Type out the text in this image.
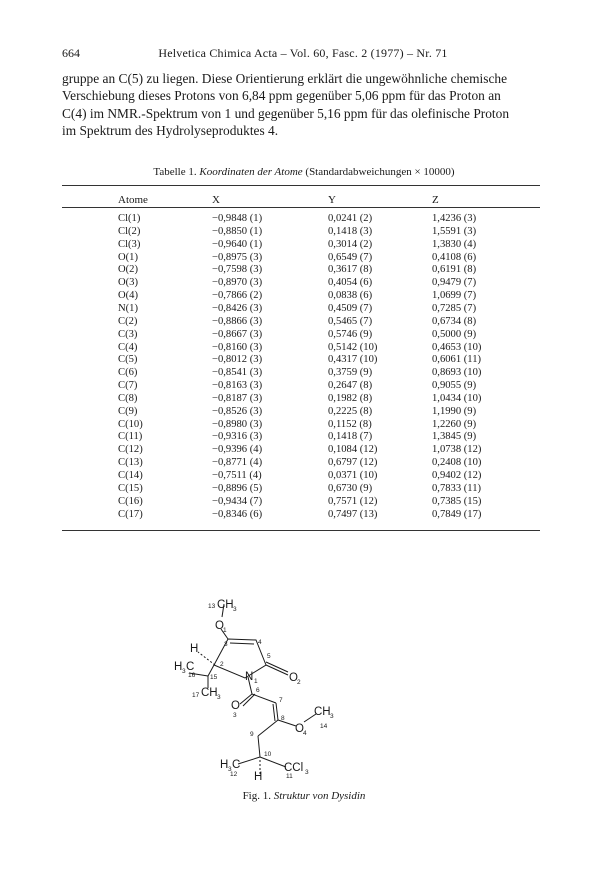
664	Helvetica Chimica Acta – Vol. 60, Fasc. 2 (1977) – Nr. 71

gruppe an C(5) zu liegen. Diese Orientierung erklärt die ungewöhnliche chemische
Verschiebung dieses Protons von 6,84 ppm gegenüber 5,06 ppm für das Proton an
C(4) im NMR.-Spektrum von 1 und gegenüber 5,16 ppm für das olefinische Proton
im Spektrum des Hydrolyseproduktes 4.

Tabelle 1. Koordinaten der Atome (Standardabweichungen × 10000)
Atome	X	Y	Z
Cl(1)	−0,9848 (1)	0,0241 (2)	1,4236 (3)
Cl(2)	−0,8850 (1)	0,1418 (3)	1,5591 (3)
Cl(3)	−0,9640 (1)	0,3014 (2)	1,3830 (4)
O(1)	−0,8975 (3)	0,6549 (7)	0,4108 (6)
O(2)	−0,7598 (3)	0,3617 (8)	0,6191 (8)
O(3)	−0,8970 (3)	0,4054 (6)	0,9479 (7)
O(4)	−0,7866 (2)	0,0838 (6)	1,0699 (7)
N(1)	−0,8426 (3)	0,4509 (7)	0,7285 (7)
C(2)	−0,8866 (3)	0,5465 (7)	0,6734 (8)
C(3)	−0,8667 (3)	0,5746 (9)	0,5000 (9)
C(4)	−0,8160 (3)	0,5142 (10)	0,4653 (10)
C(5)	−0,8012 (3)	0,4317 (10)	0,6061 (11)
C(6)	−0,8541 (3)	0,3759 (9)	0,8693 (10)
C(7)	−0,8163 (3)	0,2647 (8)	0,9055 (9)
C(8)	−0,8187 (3)	0,1982 (8)	1,0434 (10)
C(9)	−0,8526 (3)	0,2225 (8)	1,1990 (9)
C(10)	−0,8980 (3)	0,1152 (8)	1,2260 (9)
C(11)	−0,9316 (3)	0,1418 (7)	1,3845 (9)
C(12)	−0,9396 (4)	0,1084 (12)	1,0738 (12)
C(13)	−0,8771 (4)	0,6797 (12)	0,2408 (10)
C(14)	−0,7511 (4)	0,0371 (10)	0,9402 (12)
C(15)	−0,8896 (5)	0,6730 (9)	0,7833 (11)
C(16)	−0,9434 (7)	0,7571 (12)	0,7385 (15)
C(17)	−0,8346 (6)	0,7497 (13)	0,7849 (17)
13 CH 3
O 1
H	3	4
5
2
N 1	O 2
H 3 C
16 15
17 CH 3
6
O
3
7
8
O 4
CH 3
14
9
10
H 3 C
12 H
CCl 3
11
Fig. 1. Struktur von Dysidin
